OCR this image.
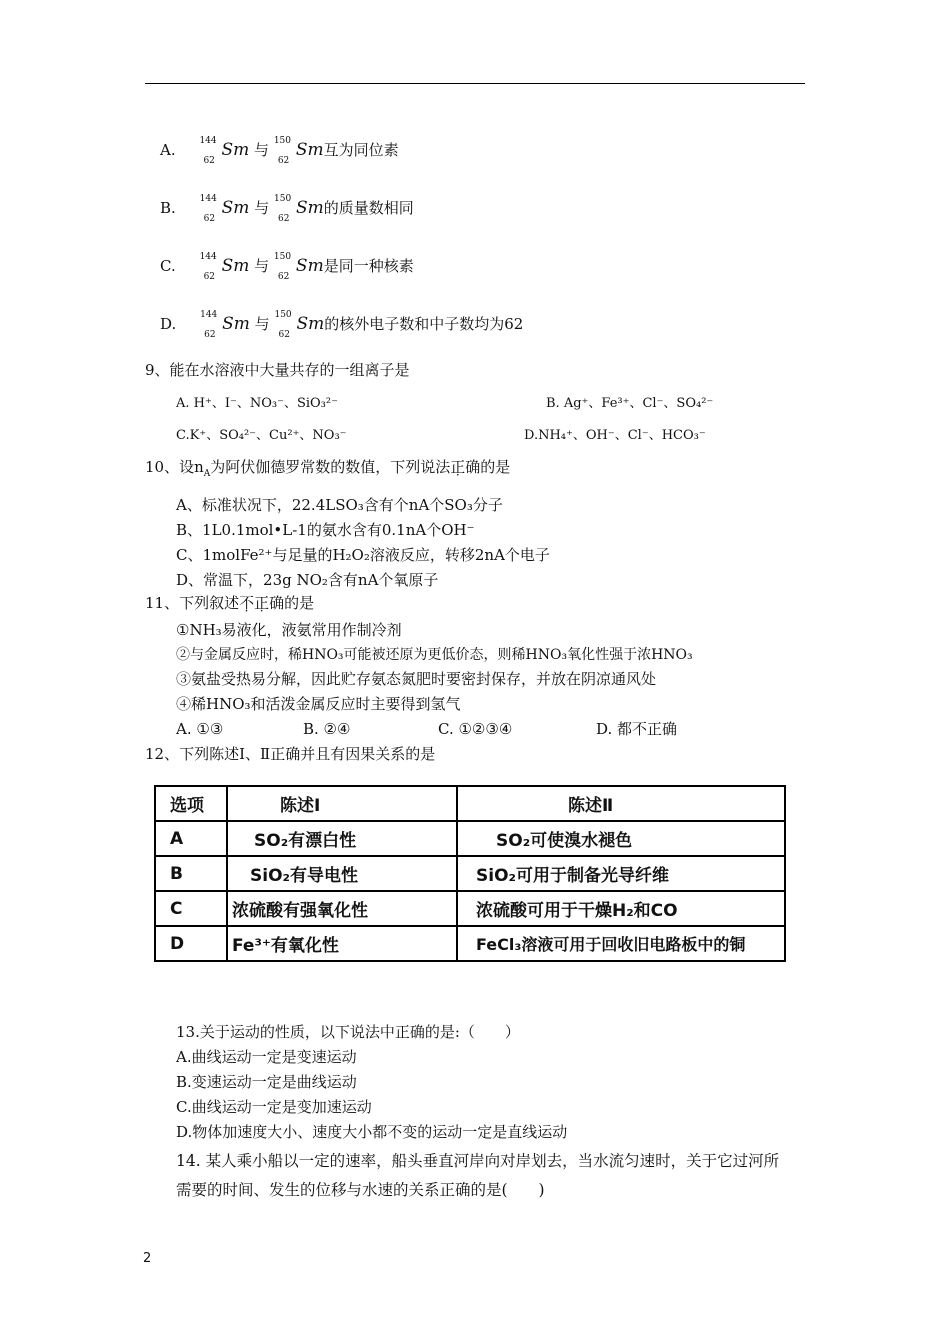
A.	144
62
Sm 与 150
62
Sm互为同位素
B.	144
62
Sm 与 150
62
Sm的质量数相同
C.	144
62
Sm 与 150
62
Sm是同一种核素
D.	144
62
Sm 与 150
62
Sm的核外电子数和中子数均为62
9、能在水溶液中大量共存的一组离子是
A. H⁺、I⁻、NO₃⁻、SiO₃²⁻	B. Ag⁺、Fe³⁺、Cl⁻、SO₄²⁻
C.K⁺、SO₄²⁻、Cu²⁺、NO₃⁻	D.NH₄⁺、OH⁻、Cl⁻、HCO₃⁻
10、设$n_A$为阿伏伽德罗常数的数值，下列说法正确的是
A、标准状况下，22.4LSO₃含有个nA个SO₃分子
B、1L0.1mol•L-1的氨水含有0.1nA个OH⁻
C、1molFe²⁺与足量的H₂O₂溶液反应，转移2nA个电子
D、常温下，23g NO₂含有nA个氧原子
11、下列叙述不正确的是
①NH₃易液化，液氨常用作制冷剂
②与金属反应时，稀HNO₃可能被还原为更低价态，则稀HNO₃氧化性强于浓HNO₃
③氨盐受热易分解，因此贮存氨态氮肥时要密封保存，并放在阴凉通风处
④稀HNO₃和活泼金属反应时主要得到氢气
A. ①③	B. ②④	C. ①②③④	D. 都不正确
12、下列陈述Ⅰ、Ⅱ正确并且有因果关系的是
选项	陈述Ⅰ	陈述Ⅱ
A	SO₂有漂白性	SO₂可使溴水褪色
B	SiO₂有导电性	SiO₂可用于制备光导纤维
C	浓硫酸有强氧化性	浓硫酸可用于干燥H₂和CO
D	Fe³⁺有氧化性	FeCl₃溶液可用于回收旧电路板中的铜
13.关于运动的性质，以下说法中正确的是:（　　）
A.曲线运动一定是变速运动
B.变速运动一定是曲线运动
C.曲线运动一定是变加速运动
D.物体加速度大小、速度大小都不变的运动一定是直线运动
14. 某人乘小船以一定的速率，船头垂直河岸向对岸划去，当水流匀速时，关于它过河所
需要的时间、发生的位移与水速的关系正确的是(　　)
2
